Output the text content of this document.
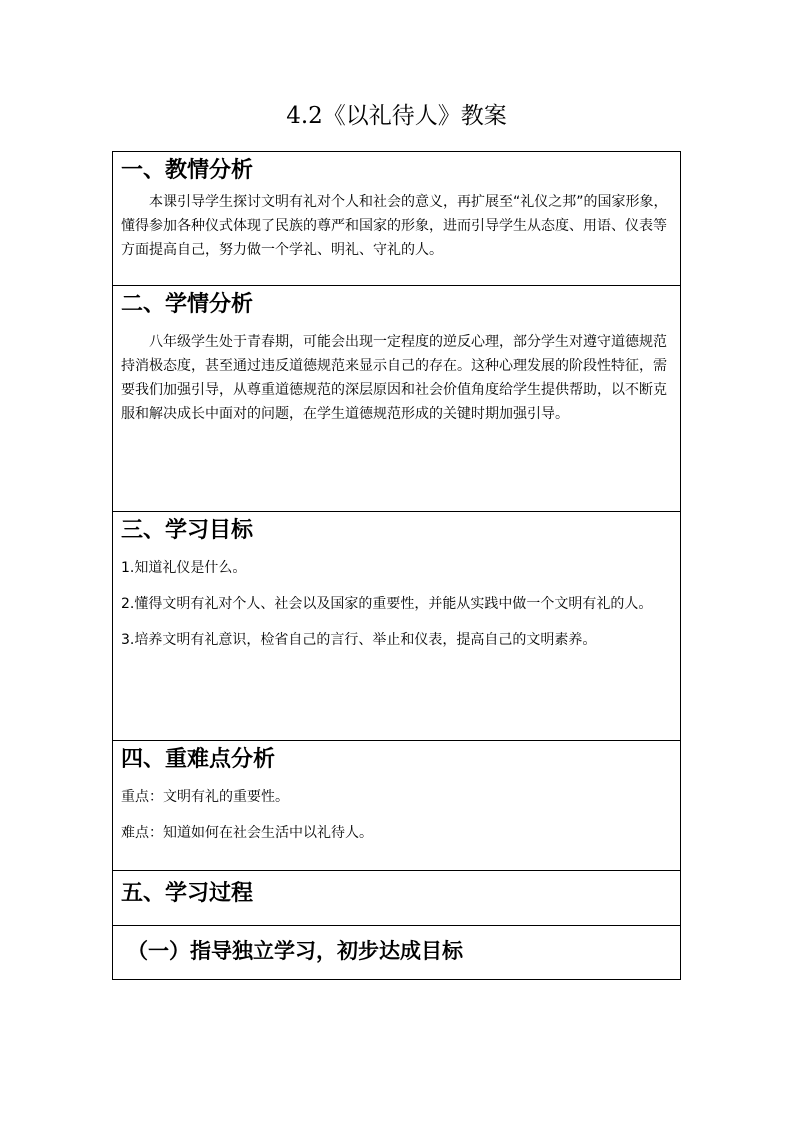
4.2《以礼待人》教案
一、教情分析

本课引导学生探讨文明有礼对个人和社会的意义，再扩展至“礼仪之邦”的国家形象，懂得参加各种仪式体现了民族的尊严和国家的形象，进而引导学生从态度、用语、仪表等方面提高自己，努力做一个学礼、明礼、守礼的人。

二、学情分析

八年级学生处于青春期，可能会出现一定程度的逆反心理，部分学生对遵守道德规范持消极态度，甚至通过违反道德规范来显示自己的存在。这种心理发展的阶段性特征，需要我们加强引导，从尊重道德规范的深层原因和社会价值角度给学生提供帮助，以不断克服和解决成长中面对的问题，在学生道德规范形成的关键时期加强引导。

三、学习目标

1.知道礼仪是什么。

2.懂得文明有礼对个人、社会以及国家的重要性，并能从实践中做一个文明有礼的人。

3.培养文明有礼意识，检省自己的言行、举止和仪表，提高自己的文明素养。

四、重难点分析

重点：文明有礼的重要性。

难点：知道如何在社会生活中以礼待人。

五、学习过程
（一）指导独立学习，初步达成目标
